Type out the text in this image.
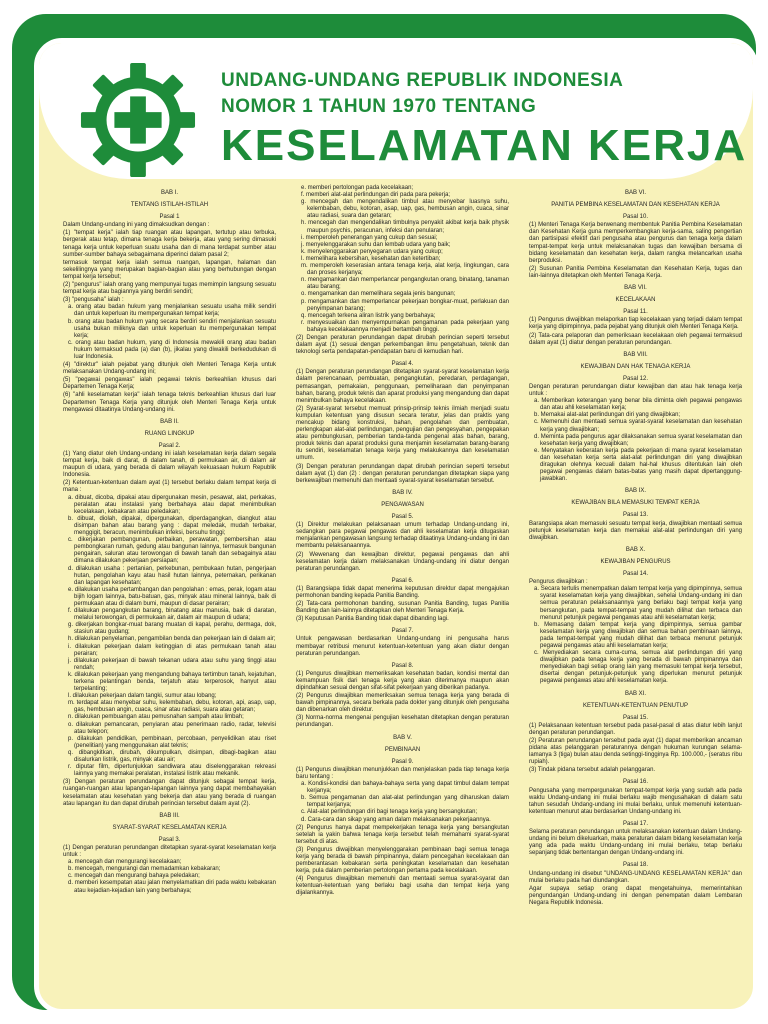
UNDANG-UNDANG REPUBLIK INDONESIA
NOMOR 1 TAHUN 1970 TENTANG
KESELAMATAN KERJA
BAB I.
TENTANG ISTILAH-ISTILAH
Pasal 1
Dalam Undang-undang ini yang dimaksudkan dengan :
(1) "tempat kerja" ialah tiap ruangan atau lapangan, tertutup atau terbuka, bergerak atau tetap, dimana tenaga kerja bekerja, atau yang sering dimasuki tenaga kerja untuk keperluan suatu usaha dan di mana terdapat sumber atau sumber-sumber bahaya sebagaimana diperinci dalam pasal 2;
termasuk tempat kerja ialah semua ruangan, lapangan, halaman dan sekelilingnya yang merupakan bagian-bagian atau yang berhubungan dengan tempat kerja tersebut;
(2) "pengurus" ialah orang yang mempunyai tugas memimpin langsung sesuatu tempat kerja atau bagiannya yang berdiri sendiri;
(3) "pengusaha" ialah :
a. orang atau badan hukum yang menjalankan sesuatu usaha milik sendiri dan untuk keperluan itu mempergunakan tempat kerja;
b. orang atau badan hukum yang secara berdiri sendiri menjalankan sesuatu usaha bukan miliknya dan untuk keperluan itu mempergunakan tempat kerja;
c. orang atau badan hukum, yang di Indonesia mewakili orang atau badan hukum termaksud pada (a) dan (b), jikalau yang diwakili berkedudukan di luar Indonesia.
(4) "direktur" ialah pejabat yang ditunjuk oleh Menteri Tenaga Kerja untuk melaksanakan Undang-undang ini;
(5) "pegawai pengawas" ialah pegawai teknis berkeahlian khusus dari Departemen Tenaga Kerja;
(6) "ahli keselamatan kerja" ialah tenaga teknis berkeahlian khusus dari luar Departemen Tenaga Kerja yang ditunjuk oleh Menteri Tenaga Kerja untuk mengawasi ditaatinya Undang-undang ini.
BAB II.
RUANG LINGKUP
Pasal 2.
(1) Yang diatur oleh Undang-undang ini ialah keselamatan kerja dalam segala tempat kerja, baik di darat, di dalam tanah, di permukaan air, di dalam air maupun di udara, yang berada di dalam wilayah kekuasaan hukum Republik Indonesia.
(2) Ketentuan-ketentuan dalam ayat (1) tersebut berlaku dalam tempat kerja di mana :
a. dibuat, dicoba, dipakai atau dipergunakan mesin, pesawat, alat, perkakas, peralatan atau instalasi yang berbahaya atau dapat menimbulkan kecelakaan, kebakaran atau peledakan;
b. dibuat, diolah, dipakai, dipergunakan, diperdagangkan, diangkut atau disimpan bahan atau barang yang : dapat meledak, mudah terbakar, menggigit, beracun, menimbulkan infeksi, bersuhu tinggi;
c. dikerjakan pembangunan, perbaikan, perawatan, pembersihan atau pembongkaran rumah, gedung atau bangunan lainnya, termasuk bangunan pengairan, saluran atau terowongan di bawah tanah dan sebagainya atau dimana dilakukan pekerjaan persiapan;
d. dilakukan usaha : pertanian, perkebunan, pembukaan hutan, pengerjaan hutan, pengolahan kayu atau hasil hutan lainnya, peternakan, perikanan dan lapangan kesehatan;
e. dilakukan usaha pertambangan dan pengolahan : emas, perak, logam atau bijih logam lainnya, batu-batuan, gas, minyak atau mineral lainnya, baik di permukaan atau di dalam bumi, maupun di dasar perairan;
f. dilakukan pengangkutan barang, binatang atau manusia, baik di daratan, melalui terowongan, di permukaan air, dalam air maupun di udara;
g. dikerjakan bongkar-muat barang muatan di kapal, perahu, dermaga, dok, stasiun atau gudang;
h. dilakukan penyelaman, pengambilan benda dan pekerjaan lain di dalam air;
i. dilakukan pekerjaan dalam ketinggian di atas permukaan tanah atau perairan;
j. dilakukan pekerjaan di bawah tekanan udara atau suhu yang tinggi atau rendah;
k. dilakukan pekerjaan yang mengandung bahaya tertimbun tanah, kejatuhan, terkena pelantingan benda, terjatuh atau terperosok, hanyut atau terpelanting;
l. dilakukan pekerjaan dalam tangki, sumur atau lobang;
m. terdapat atau menyebar suhu, kelembaban, debu, kotoran, api, asap, uap, gas, hembusan angin, cuaca, sinar atau radiasi, suara atau getaran;
n. dilakukan pembuangan atau pemusnahan sampah atau limbah;
o. dilakukan pemancaran, penyiaran atau penerimaan radio, radar, televisi atau telepon;
p. dilakukan pendidikan, pembinaan, percobaan, penyelidikan atau riset (penelitian) yang menggunakan alat teknis;
q. dibangkitkan, dirubah, dikumpulkan, disimpan, dibagi-bagikan atau disalurkan listrik, gas, minyak atau air;
r. diputar film, dipertunjukkan sandiwara atau diselenggarakan rekreasi lainnya yang memakai peralatan, instalasi listrik atau mekanik.
(3) Dengan peraturan perundangan dapat ditunjuk sebagai tempat kerja, ruangan-ruangan atau lapangan-lapangan lainnya yang dapat membahayakan keselamatan atau kesehatan yang bekerja dan atau yang berada di ruangan atau lapangan itu dan dapat dirubah perincian tersebut dalam ayat (2).
BAB III.
SYARAT-SYARAT KESELAMATAN KERJA
Pasal 3.
(1) Dengan peraturan perundangan ditetapkan syarat-syarat keselamatan kerja untuk :
a. mencegah dan mengurangi kecelakaan;
b. mencegah, mengurangi dan memadamkan kebakaran;
c. mencegah dan mengurangi bahaya peledakan;
d. memberi kesempatan atau jalan menyelamatkan diri pada waktu kebakaran atau kejadian-kejadian lain yang berbahaya;
e. memberi pertolongan pada kecelakaan;
f. memberi alat-alat perlindungan diri pada para pekerja;
g. mencegah dan mengendalikan timbul atau menyebar luasnya suhu, kelembaban, debu, kotoran, asap, uap, gas, hembusan angin, cuaca, sinar atau radiasi, suara dan getaran;
h. mencegah dan mengendalikan timbulnya penyakit akibat kerja baik physik maupun psychis, peracunan, infeksi dan penularan;
i. memperoleh penerangan yang cukup dan sesuai;
j. menyelenggarakan suhu dan lembab udara yang baik;
k. menyelenggarakan penyegaran udara yang cukup;
l. memelihara kebersihan, kesehatan dan ketertiban;
m. memperoleh keserasian antara tenaga kerja, alat kerja, lingkungan, cara dan proses kerjanya;
n. mengamankan dan memperlancar pengangkutan orang, binatang, tanaman atau barang;
o. mengamankan dan memelihara segala jenis bangunan;
p. mengamankan dan memperlancar pekerjaan bongkar-muat, perlakuan dan penyimpanan barang;
q. mencegah terkena aliran listrik yang berbahaya;
r. menyesuaikan dan menyempurnakan pengamanan pada pekerjaan yang bahaya kecelakaannya menjadi bertambah tinggi.
(2) Dengan peraturan perundangan dapat dirubah perincian seperti tersebut dalam ayat (1) sesuai dengan perkembangan ilmu pengetahuan, teknik dan teknologi serta pendapatan-pendapatan baru di kemudian hari.
Pasal 4.
(1) Dengan peraturan perundangan ditetapkan syarat-syarat keselamatan kerja dalam perencanaan, pembuatan, pengangkutan, peredaran, perdagangan, pemasangan, pemakaian, penggunaan, pemeliharaan dan penyimpanan bahan, barang, produk teknis dan aparat produksi yang mengandung dan dapat menimbulkan bahaya kecelakaan.
(2) Syarat-syarat tersebut memuat prinsip-prinsip teknis ilmiah menjadi suatu kumpulan ketentuan yang disusun secara teratur, jelas dan praktis yang mencakup bidang konstruksi, bahan, pengolahan dan pembuatan, perlengkapan alat-alat perlindungan, pengujian dan pengesyahan, pengepakan atau pembungkusan, pemberian tanda-tanda pengenal atas bahan, barang, produk teknis dan aparat produksi guna menjamin keselamatan barang-barang itu sendiri, keselamatan tenaga kerja yang melakukannya dan keselamatan umum.
(3) Dengan peraturan perundangan dapat dirubah perincian seperti tersebut dalam ayat (1) dan (2) : dengan peraturan perundangan ditetapkan siapa yang berkewajiban memenuhi dan mentaati syarat-syarat keselamatan tersebut.
BAB IV.
PENGAWASAN
Pasal 5.
(1) Direktur melakukan pelaksanaan umum terhadap Undang-undang ini, sedangkan para pegawai pengawas dan ahli keselamatan kerja ditugaskan menjalankan pengawasan langsung terhadap ditaatinya Undang-undang ini dan membantu pelaksanaannya.
(2) Wewenang dan kewajiban direktur, pegawai pengawas dan ahli keselamatan kerja dalam melaksanakan Undang-undang ini diatur dengan peraturan perundangan.
Pasal 6.
(1) Barangsiapa tidak dapat menerima keputusan direktur dapat mengajukan permohonan banding kepada Panitia Banding.
(2) Tata-cara permohonan banding, susunan Panitia Banding, tugas Panitia Banding dan lain-lainnya ditetapkan oleh Menteri Tenaga Kerja.
(3) Keputusan Panitia Banding tidak dapat dibanding lagi.
Pasal 7.
Untuk pengawasan berdasarkan Undang-undang ini pengusaha harus membayar retribusi menurut ketentuan-ketentuan yang akan diatur dengan peraturan perundangan.
Pasal 8.
(1) Pengurus diwajibkan memeriksakan kesehatan badan, kondisi mental dan kemampuan fisik dari tenaga kerja yang akan diterimanya maupun akan dipindahkan sesuai dengan sifat-sifat pekerjaan yang diberikan padanya.
(2) Pengurus diwajibkan memeriksakan semua tenaga kerja yang berada di bawah pimpinannya, secara berkala pada dokter yang ditunjuk oleh pengusaha dan dibenarkan oleh direktur.
(3) Norma-norma mengenai pengujian kesehatan ditetapkan dengan peraturan perundangan.
BAB V.
PEMBINAAN
Pasal 9.
(1) Pengurus diwajibkan menunjukkan dan menjelaskan pada tiap tenaga kerja baru tentang :
a. Kondisi-kondisi dan bahaya-bahaya serta yang dapat timbul dalam tempat kerjanya;
b. Semua pengamanan dan alat-alat perlindungan yang diharuskan dalam tempat kerjanya;
c. Alat-alat perlindungan diri bagi tenaga kerja yang bersangkutan;
d. Cara-cara dan sikap yang aman dalam melaksanakan pekerjaannya.
(2) Pengurus hanya dapat mempekerjakan tenaga kerja yang bersangkutan setelah ia yakin bahwa tenaga kerja tersebut telah memahami syarat-syarat tersebut di atas.
(3) Pengurus diwajibkan menyelenggarakan pembinaan bagi semua tenaga kerja yang berada di bawah pimpinannya, dalam pencegahan kecelakaan dan pemberantasan kebakaran serta peningkatan keselamatan dan kesehatan kerja, pula dalam pemberian pertolongan pertama pada kecelakaan.
(4) Pengurus diwajibkan memenuhi dan mentaati semua syarat-syarat dan ketentuan-ketentuan yang berlaku bagi usaha dan tempat kerja yang dijalankannya.
BAB VI.
PANITIA PEMBINA KESELAMATAN DAN KESEHATAN KERJA
Pasal 10.
(1) Menteri Tenaga Kerja berwenang membentuk Panitia Pembina Keselamatan dan Kesehatan Kerja guna memperkembangkan kerja-sama, saling pengertian dan partisipasi efektif dari pengusaha atau pengurus dan tenaga kerja dalam tempat-tempat kerja untuk melaksanakan tugas dan kewajiban bersama di bidang keselamatan dan kesehatan kerja, dalam rangka melancarkan usaha berproduksi.
(2) Susunan Panitia Pembina Keselamatan dan Kesehatan Kerja, tugas dan lain-lainnya ditetapkan oleh Menteri Tenaga Kerja.
BAB VII.
KECELAKAAN
Pasal 11.
(1) Pengurus diwajibkan melaporkan tiap kecelakaan yang terjadi dalam tempat kerja yang dipimpinnya, pada pejabat yang ditunjuk oleh Menteri Tenaga Kerja.
(2) Tata-cara pelaporan dan pemeriksaan kecelakaan oleh pegawai termaksud dalam ayat (1) diatur dengan peraturan perundangan.
BAB VIII.
KEWAJIBAN DAN HAK TENAGA KERJA
Pasal 12.
Dengan peraturan perundangan diatur kewajiban dan atau hak tenaga kerja untuk :
a. Memberikan keterangan yang benar bila diminta oleh pegawai pengawas dan atau ahli keselamatan kerja;
b. Memakai alat-alat perlindungan diri yang diwajibkan;
c. Memenuhi dan mentaati semua syarat-syarat keselamatan dan kesehatan kerja yang diwajibkan;
d. Meminta pada pengurus agar dilaksanakan semua syarat keselamatan dan kesehatan kerja yang diwajibkan;
e. Menyatakan keberatan kerja pada pekerjaan di mana syarat keselamatan dan kesehatan kerja serta alat-alat perlindungan diri yang diwajibkan diragukan olehnya kecuali dalam hal-hal khusus ditentukan lain oleh pegawai pengawas dalam batas-batas yang masih dapat dipertanggung-jawabkan.
BAB IX.
KEWAJIBAN BILA MEMASUKI TEMPAT KERJA
Pasal 13.
Barangsiapa akan memasuki sesuatu tempat kerja, diwajibkan mentaati semua petunjuk keselamatan kerja dan memakai alat-alat perlindungan diri yang diwajibkan.
BAB X.
KEWAJIBAN PENGURUS
Pasal 14.
Pengurus diwajibkan :
a. Secara tertulis menempatkan dalam tempat kerja yang dipimpinnya, semua syarat keselamatan kerja yang diwajibkan, sehelai Undang-undang ini dan semua peraturan pelaksanaannya yang berlaku bagi tempat kerja yang bersangkutan, pada tempat-tempat yang mudah dilihat dan terbaca dan menurut petunjuk pegawai pengawas atau ahli keselamatan kerja;
b. Memasang dalam tempat kerja yang dipimpinnya, semua gambar keselamatan kerja yang diwajibkan dan semua bahan pembinaan lainnya, pada tempat-tempat yang mudah dilihat dan terbaca menurut petunjuk pegawai pengawas atau ahli keselamatan kerja;
c. Menyediakan secara cuma-cuma, semua alat perlindungan diri yang diwajibkan pada tenaga kerja yang berada di bawah pimpinannya dan menyediakan bagi setiap orang lain yang memasuki tempat kerja tersebut, disertai dengan petunjuk-petunjuk yang diperlukan menurut petunjuk pegawai pengawas atau ahli keselamatan kerja.
BAB XI.
KETENTUAN-KETENTUAN PENUTUP
Pasal 15.
(1) Pelaksanaan ketentuan tersebut pada pasal-pasal di atas diatur lebih lanjut dengan peraturan perundangan.
(2) Peraturan perundangan tersebut pada ayat (1) dapat memberikan ancaman pidana atas pelanggaran peraturannya dengan hukuman kurungan selama-lamanya 3 (tiga) bulan atau denda setinggi-tingginya Rp. 100.000,- (seratus ribu rupiah).
(3) Tindak pidana tersebut adalah pelanggaran.
Pasal 16.
Pengusaha yang mempergunakan tempat-tempat kerja yang sudah ada pada waktu Undang-undang ini mulai berlaku wajib mengusahakan di dalam satu tahun sesudah Undang-undang ini mulai berlaku, untuk memenuhi ketentuan-ketentuan menurut atau berdasarkan Undang-undang ini.
Pasal 17.
Selama peraturan perundangan untuk melaksanakan ketentuan dalam Undang-undang ini belum dikeluarkan, maka peraturan dalam bidang keselamatan kerja yang ada pada waktu Undang-undang ini mulai berlaku, tetap berlaku sepanjang tidak bertentangan dengan Undang-undang ini.
Pasal 18.
Undang-undang ini disebut "UNDANG-UNDANG KESELAMATAN KERJA" dan mulai berlaku pada hari diundangkan.
Agar supaya setiap orang dapat mengetahuinya, memerintahkan pengundangan Undang-undang ini dengan penempatan dalam Lembaran Negara Republik Indonesia.
